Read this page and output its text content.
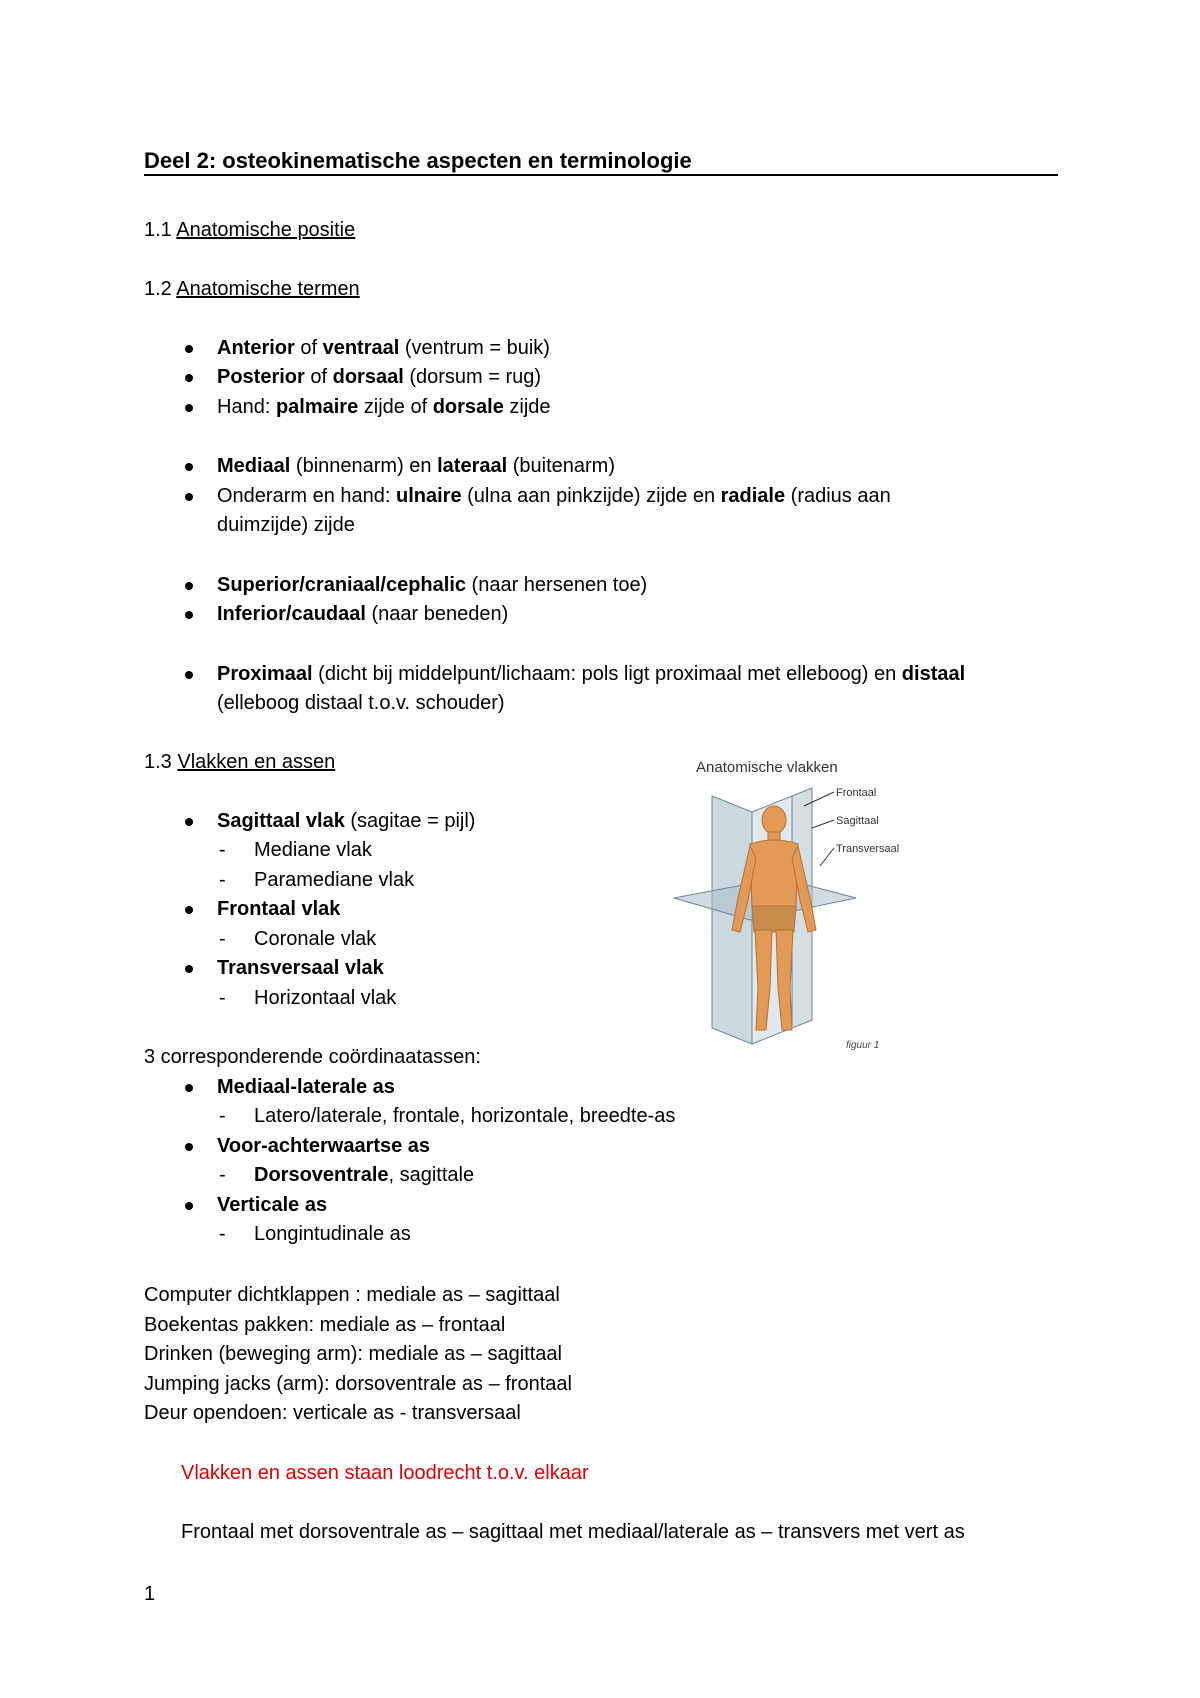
Deel 2: osteokinematische aspecten en terminologie
1.1 Anatomische positie
1.2 Anatomische termen
Anterior of ventraal (ventrum = buik)
Posterior of dorsaal (dorsum = rug)
Hand: palmaire zijde of dorsale zijde
Mediaal (binnenarm) en lateraal (buitenarm)
Onderarm en hand: ulnaire (ulna aan pinkzijde) zijde en radiale (radius aan
duimzijde) zijde
Superior/craniaal/cephalic (naar hersenen toe)
Inferior/caudaal (naar beneden)
Proximaal (dicht bij middelpunt/lichaam: pols ligt proximaal met elleboog) en distaal
(elleboog distaal t.o.v. schouder)
1.3 Vlakken en assen
Sagittaal vlak (sagitae = pijl)
- Mediane vlak
- Paramediane vlak
Frontaal vlak
- Coronale vlak
Transversaal vlak
- Horizontaal vlak
Anatomische vlakken
Frontaal
Sagittaal
Transversaal
figuur 1
3 corresponderende coördinaatassen:
Mediaal-laterale as
- Latero/laterale, frontale, horizontale, breedte-as
Voor-achterwaartse as
- Dorsoventrale, sagittale
Verticale as
- Longintudinale as
Computer dichtklappen : mediale as – sagittaal
Boekentas pakken: mediale as – frontaal
Drinken (beweging arm): mediale as – sagittaal
Jumping jacks (arm): dorsoventrale as – frontaal
Deur opendoen: verticale as - transversaal
Vlakken en assen staan loodrecht t.o.v. elkaar
Frontaal met dorsoventrale as – sagittaal met mediaal/laterale as – transvers met vert as
1
